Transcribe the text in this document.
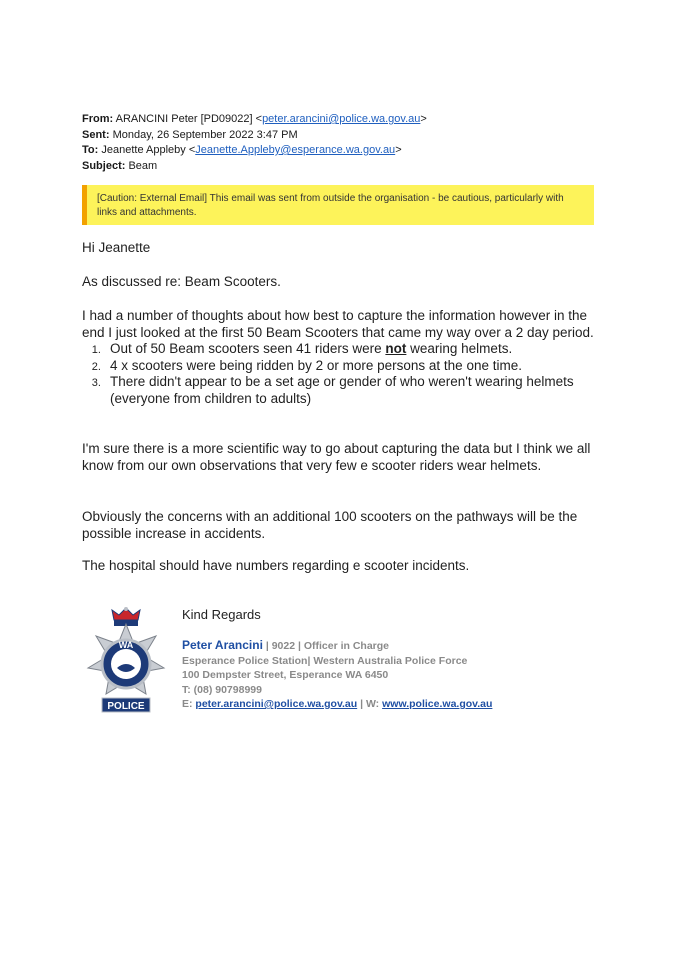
From: ARANCINI Peter [PD09022] <peter.arancini@police.wa.gov.au>
Sent: Monday, 26 September 2022 3:47 PM
To: Jeanette Appleby <Jeanette.Appleby@esperance.wa.gov.au>
Subject: Beam
[Caution: External Email] This email was sent from outside the organisation - be cautious, particularly with links and attachments.
Hi Jeanette
As discussed re: Beam Scooters.
I had a number of thoughts about how best to capture the information however in the end I just looked at the first 50 Beam Scooters that came my way over a 2 day period.
1. Out of 50 Beam scooters seen 41 riders were not wearing helmets.
2. 4 x scooters were being ridden by 2 or more persons at the one time.
3. There didn't appear to be a set age or gender of who weren't wearing helmets (everyone from children to adults)
I'm sure there is a more scientific way to go about capturing the data but I think we all know from our own observations that very few e scooter riders wear helmets.
Obviously the concerns with an additional 100 scooters on the pathways will be the possible increase in accidents.
The hospital should have numbers regarding e scooter incidents.
WA
POLICE
Kind Regards
Peter Arancini | 9022 | Officer in Charge
Esperance Police Station| Western Australia Police Force
100 Dempster Street, Esperance WA 6450
T: (08) 90798999
E: peter.arancini@police.wa.gov.au | W: www.police.wa.gov.au
